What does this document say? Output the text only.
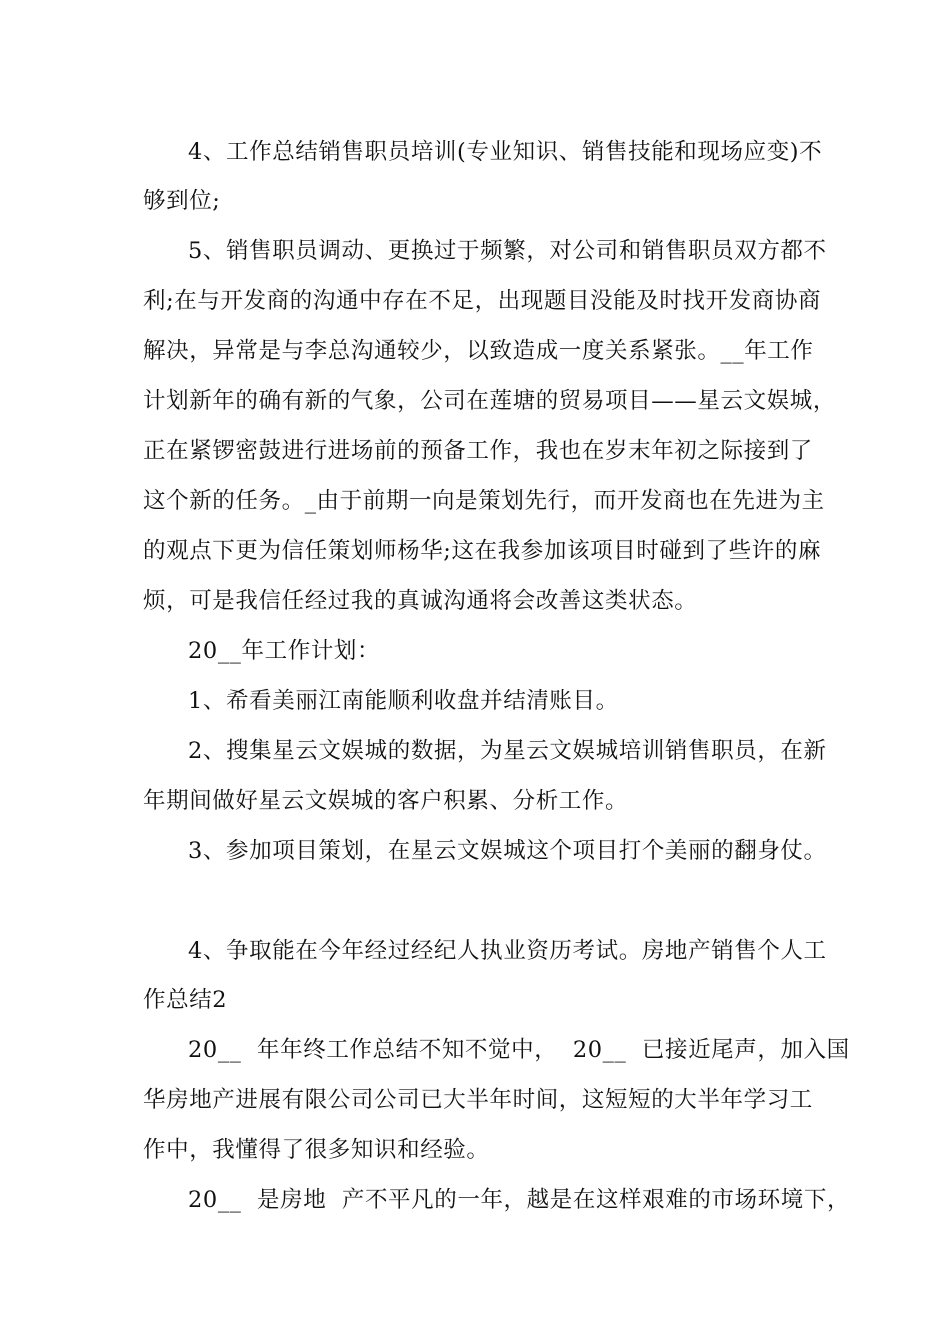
4、工作总结销售职员培训(专业知识、销售技能和现场应变)不
够到位;
5、销售职员调动、更换过于频繁，对公司和销售职员双方都不
利;在与开发商的沟通中存在不足，出现题目没能及时找开发商协商
解决，异常是与李总沟通较少，以致造成一度关系紧张。__年工作
计划新年的确有新的气象，公司在莲塘的贸易项目——星云文娱城，
正在紧锣密鼓进行进场前的预备工作，我也在岁末年初之际接到了
这个新的任务。_由于前期一向是策划先行，而开发商也在先进为主
的观点下更为信任策划师杨华;这在我参加该项目时碰到了些许的麻
烦，可是我信任经过我的真诚沟通将会改善这类状态。
20__年工作计划：
1、希看美丽江南能顺利收盘并结清账目。
2、搜集星云文娱城的数据，为星云文娱城培训销售职员，在新
年期间做好星云文娱城的客户积累、分析工作。
3、参加项目策划，在星云文娱城这个项目打个美丽的翻身仗。
4、争取能在今年经过经纪人执业资历考试。房地产销售个人工
作总结2
20__  年年终工作总结不知不觉中，  20__  已接近尾声，加入国
华房地产进展有限公司公司已大半年时间，这短短的大半年学习工
作中，我懂得了很多知识和经验。
20__  是房地  产不平凡的一年，越是在这样艰难的市场环境下，
